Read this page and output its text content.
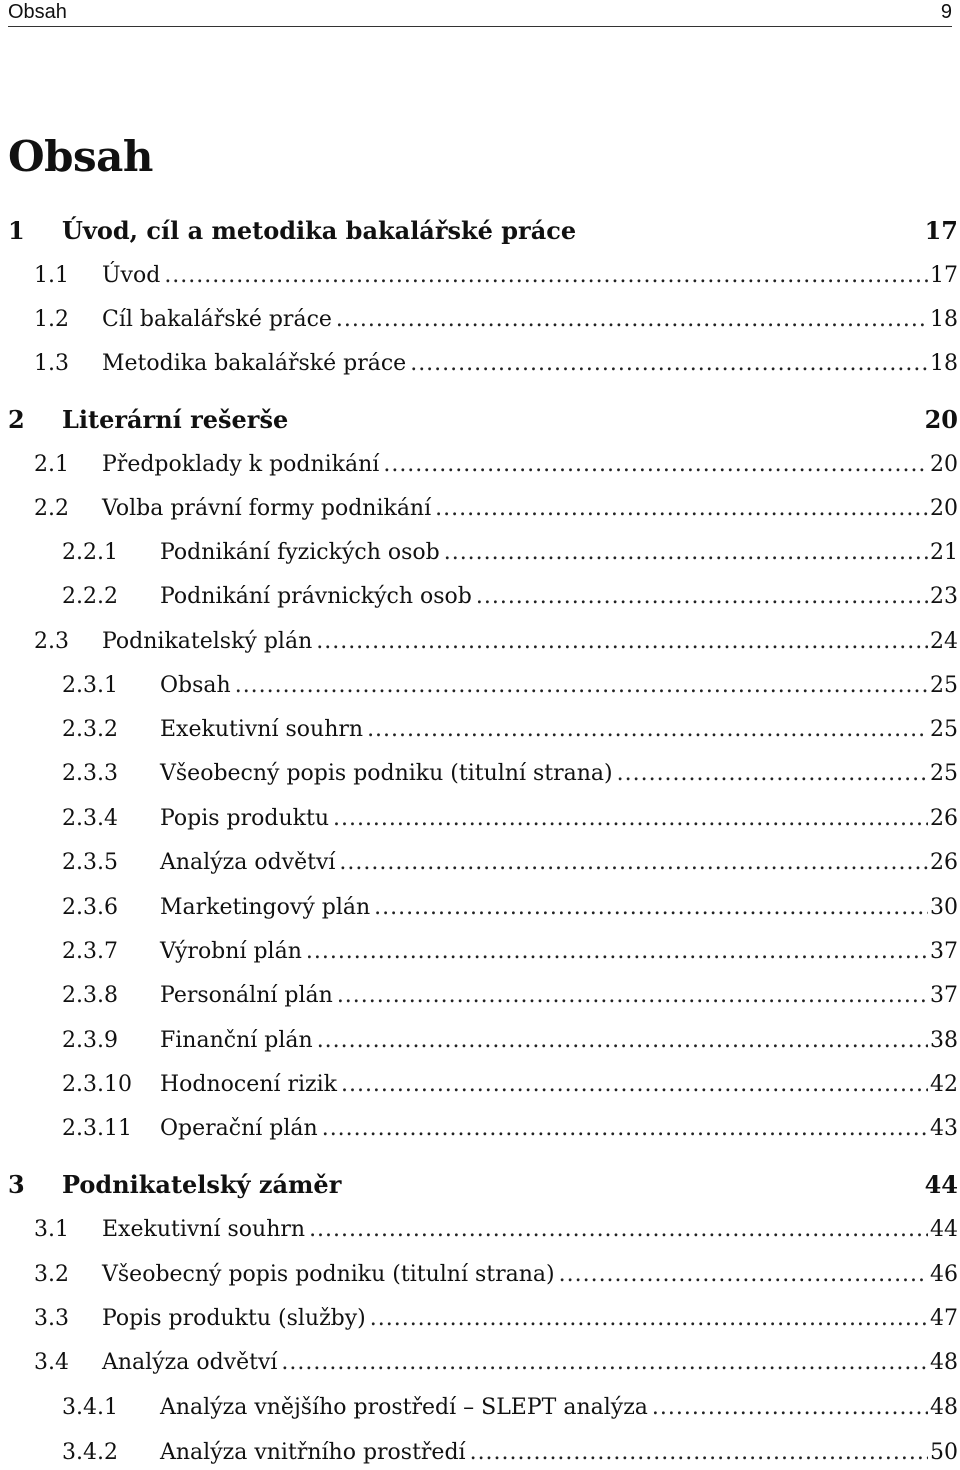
Obsah	9
Obsah
1	Úvod, cíl a metodika bakalářské práce	17
1.1	Úvod . . .	17
1.2	Cíl bakalářské práce . . .	18
1.3	Metodika bakalářské práce . . .	18
2	Literární rešerše	20
2.1	Předpoklady k podnikání . . .	20
2.2	Volba právní formy podnikání . . .	20
2.2.1	Podnikání fyzických osob . . .	21
2.2.2	Podnikání právnických osob . . .	23
2.3	Podnikatelský plán . . .	24
2.3.1	Obsah . . .	25
2.3.2	Exekutivní souhrn . . .	25
2.3.3	Všeobecný popis podniku (titulní strana) . . .	25
2.3.4	Popis produktu . . .	26
2.3.5	Analýza odvětví . . .	26
2.3.6	Marketingový plán . . .	30
2.3.7	Výrobní plán . . .	37
2.3.8	Personální plán . . .	37
2.3.9	Finanční plán . . .	38
2.3.10	Hodnocení rizik . . .	42
2.3.11	Operační plán . . .	43
3	Podnikatelský záměr	44
3.1	Exekutivní souhrn . . .	44
3.2	Všeobecný popis podniku (titulní strana) . . .	46
3.3	Popis produktu (služby) . . .	47
3.4	Analýza odvětví . . .	48
3.4.1	Analýza vnějšího prostředí – SLEPT analýza . . .	48
3.4.2	Analýza vnitřního prostředí . . .	50
